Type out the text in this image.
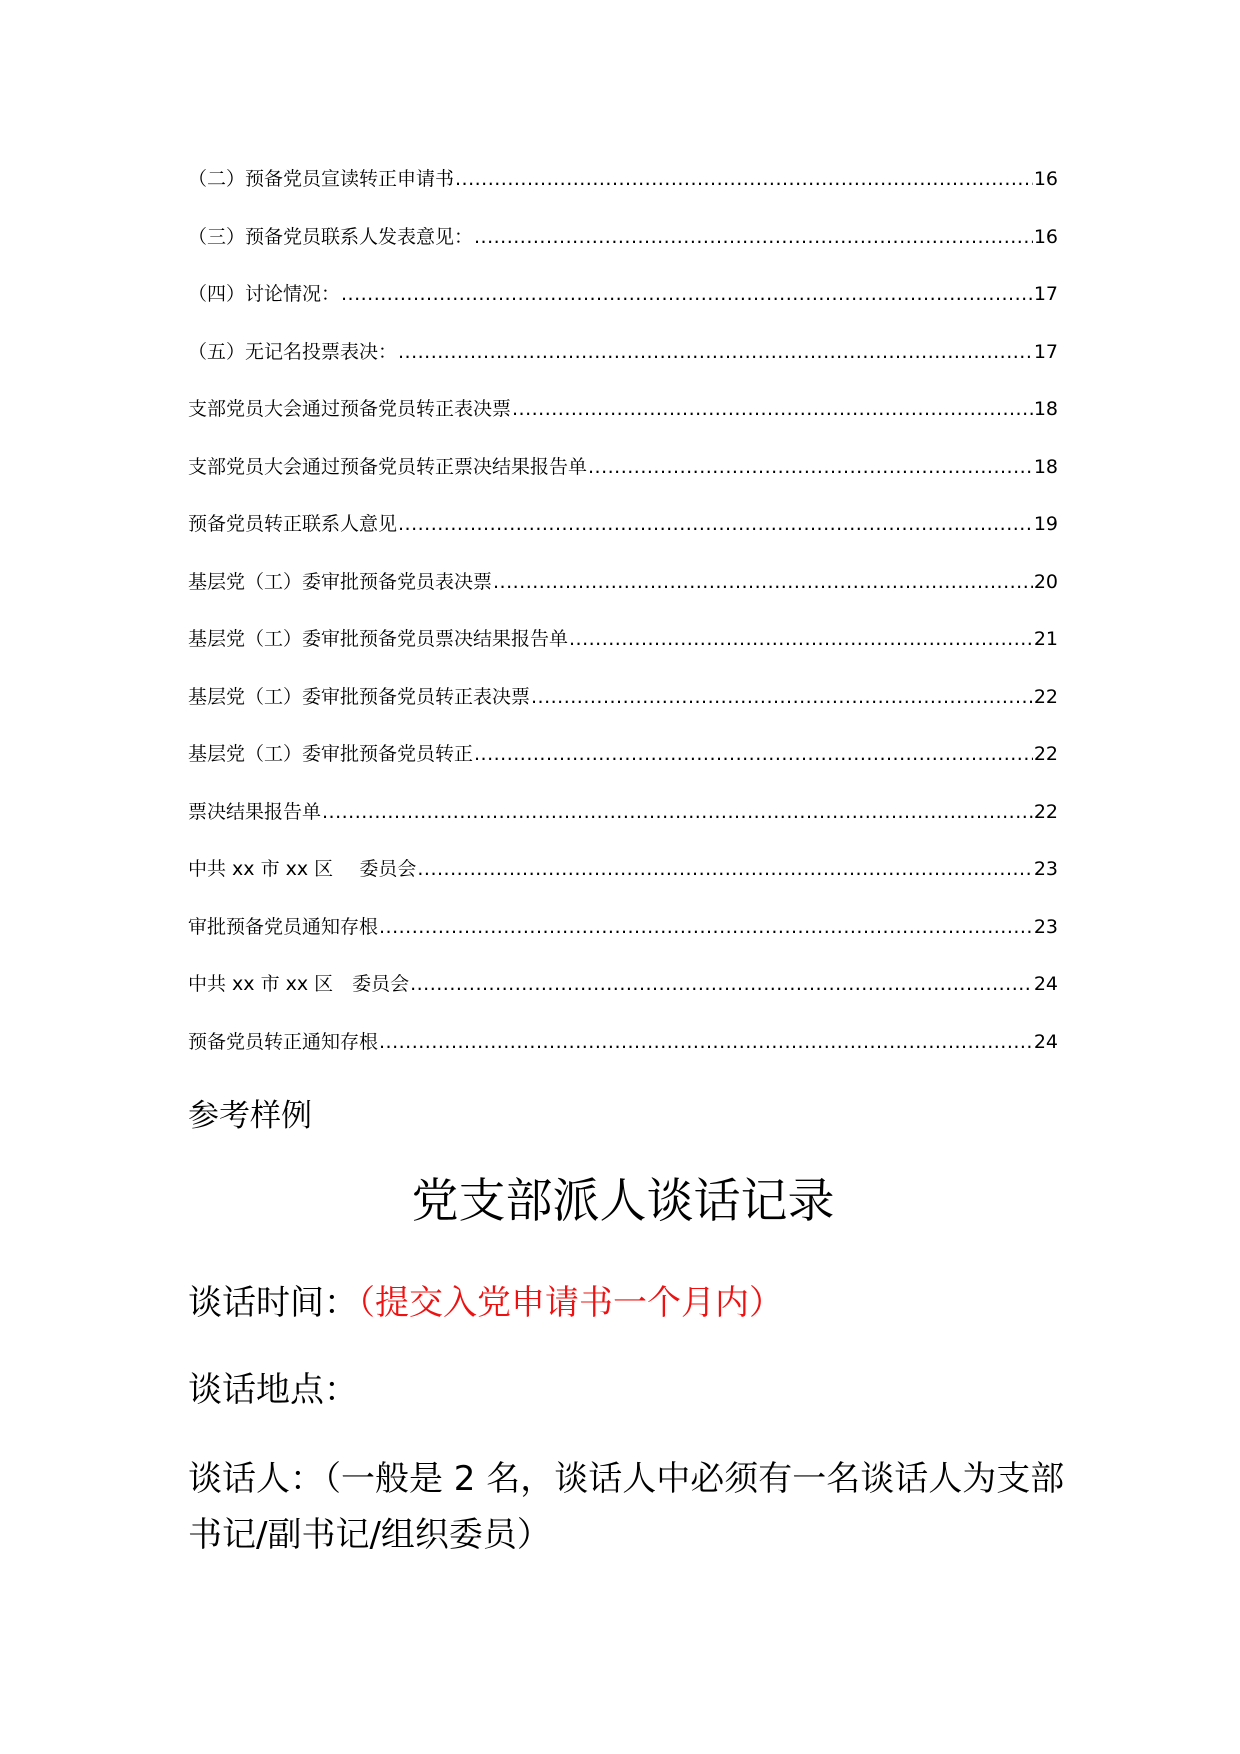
（二）预备党员宣读转正申请书 .....	16
（三）预备党员联系人发表意见： .....	16
（四）讨论情况： .....	17
（五）无记名投票表决： .....	17
支部党员大会通过预备党员转正表决票 .....	18
支部党员大会通过预备党员转正票决结果报告单 .....	18
预备党员转正联系人意见 .....	19
基层党（工）委审批预备党员表决票 .....	20
基层党（工）委审批预备党员票决结果报告单 .....	21
基层党（工）委审批预备党员转正表决票 .....	22
基层党（工）委审批预备党员转正 .....	22
票决结果报告单 .....	22
中共 xx 市 xx 区 委员会 .....	23
审批预备党员通知存根 .....	23
中共 xx 市 xx 区 委员会 .....	24
预备党员转正通知存根 .....	24
参考样例
党支部派人谈话记录
谈话时间：（提交入党申请书一个月内）
谈话地点：
谈话人：（一般是 2 名，谈话人中必须有一名谈话人为支部书记/副书记/组织委员）
